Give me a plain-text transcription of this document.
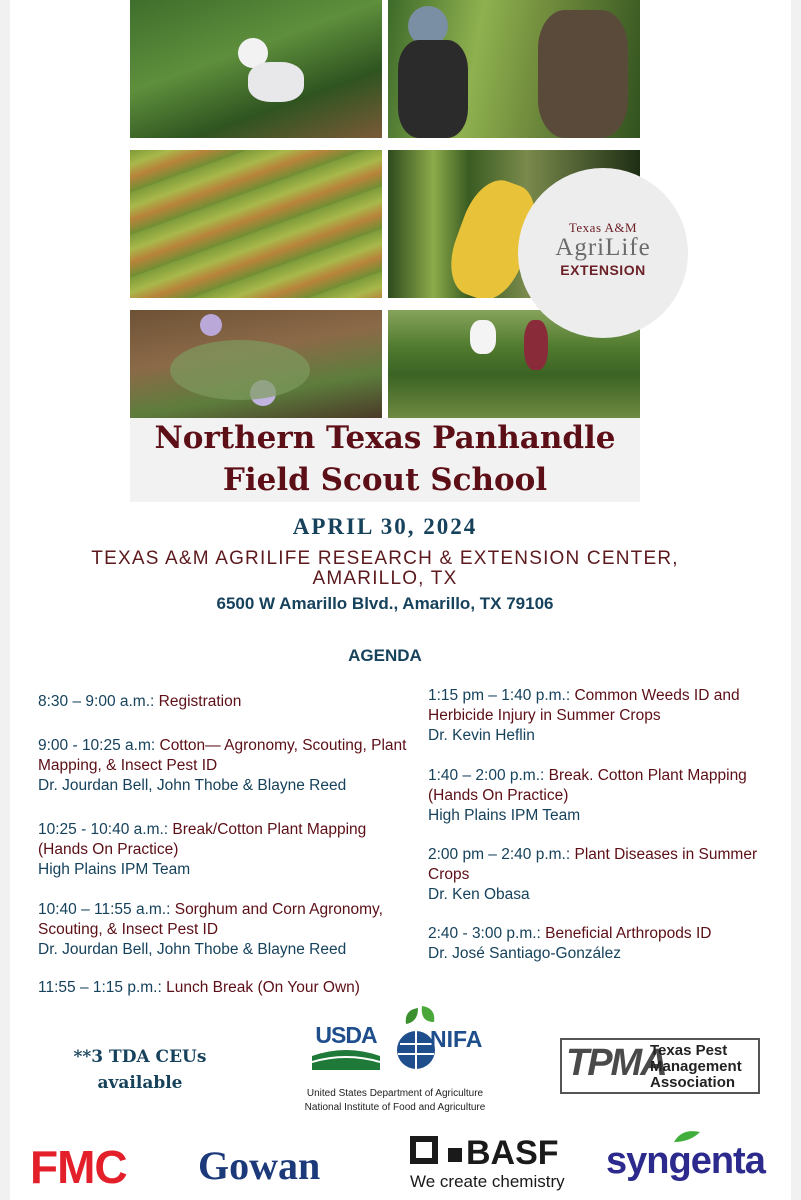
Texas A&M
AgriLife
EXTENSION
Northern Texas Panhandle
Field Scout School
APRIL 30, 2024
TEXAS A&M AGRILIFE RESEARCH & EXTENSION CENTER,
AMARILLO, TX
6500 W Amarillo Blvd., Amarillo, TX 79106
AGENDA
8:30 – 9:00 a.m.: Registration
9:00 - 10:25 a.m: Cotton— Agronomy, Scouting, Plant Mapping, & Insect Pest ID
Dr. Jourdan Bell, John Thobe & Blayne Reed
10:25 - 10:40 a.m.: Break/Cotton Plant Mapping (Hands On Practice)
High Plains IPM Team
10:40 – 11:55 a.m.: Sorghum and Corn Agronomy, Scouting, & Insect Pest ID
Dr. Jourdan Bell, John Thobe & Blayne Reed
11:55 – 1:15 p.m.: Lunch Break (On Your Own)
1:15 pm – 1:40 p.m.: Common Weeds ID and Herbicide Injury in Summer Crops
Dr. Kevin Heflin
1:40 – 2:00 p.m.: Break. Cotton Plant Mapping (Hands On Practice)
High Plains IPM Team
2:00 pm – 2:40 p.m.: Plant Diseases in Summer Crops
Dr. Ken Obasa
2:40 - 3:00 p.m.: Beneficial Arthropods ID
Dr. José Santiago-González
**3 TDA CEUs
available
USDA NIFA
United States Department of Agriculture
National Institute of Food and Agriculture
TPMA
Texas Pest
Management
Association
FMC Gowan	BASF
We create chemistry syngenta
